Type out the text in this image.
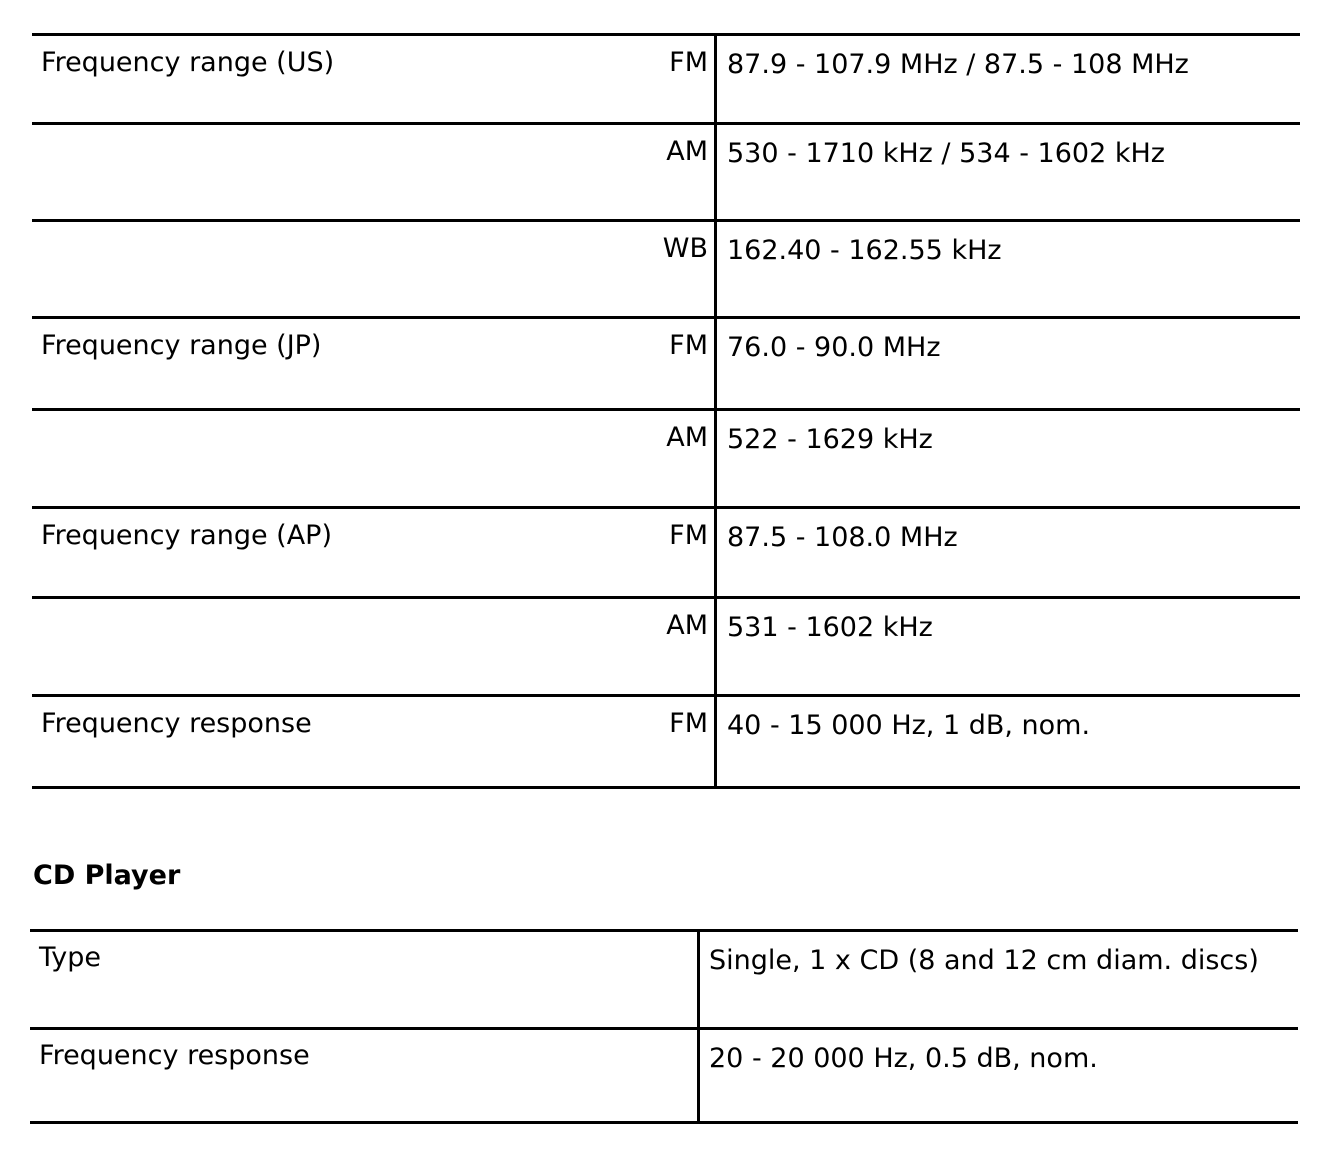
Frequency range (US)	FM	87.9 - 107.9 MHz / 87.5 - 108 MHz
	AM	530 - 1710 kHz / 534 - 1602 kHz
	WB	162.40 - 162.55 kHz
Frequency range (JP)	FM	76.0 - 90.0 MHz
	AM	522 - 1629 kHz
Frequency range (AP)	FM	87.5 - 108.0 MHz
	AM	531 - 1602 kHz
Frequency response	FM	40 - 15 000 Hz, 1 dB, nom.
CD Player
Type	Single, 1 x CD (8 and 12 cm diam. discs)
Frequency response	20 - 20 000 Hz, 0.5 dB, nom.
